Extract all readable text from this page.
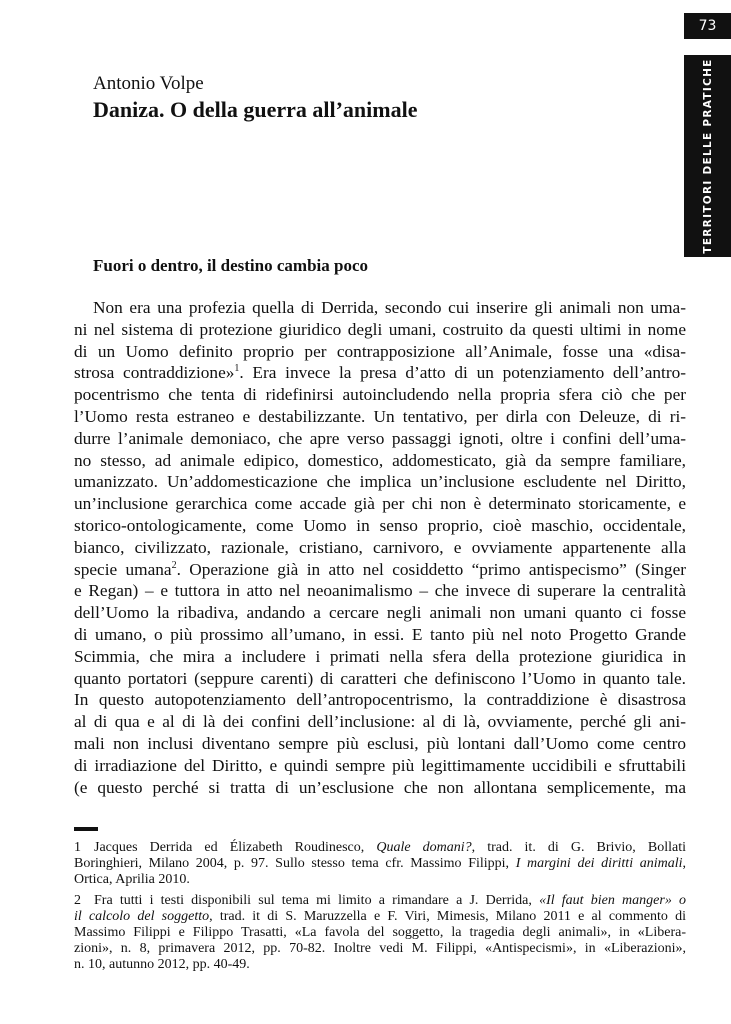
73
TERRITORI DELLE PRATICHE
Antonio Volpe
Daniza. O della guerra all’animale
Fuori o dentro, il destino cambia poco
Non era una profezia quella di Derrida, secondo cui inserire gli animali non uma-
ni nel sistema di protezione giuridico degli umani, costruito da questi ultimi in nome
di un Uomo definito proprio per contrapposizione all’Animale, fosse una «disa-
strosa contraddizione»$^1$. Era invece la presa d’atto di un potenziamento dell’antro-
pocentrismo che tenta di ridefinirsi autoincludendo nella propria sfera ciò che per
l’Uomo resta estraneo e destabilizzante. Un tentativo, per dirla con Deleuze, di ri-
durre l’animale demoniaco, che apre verso passaggi ignoti, oltre i confini dell’uma-
no stesso, ad animale edipico, domestico, addomesticato, già da sempre familiare,
umanizzato. Un’addomesticazione che implica un’inclusione escludente nel Diritto,
un’inclusione gerarchica come accade già per chi non è determinato storicamente, e
storico-ontologicamente, come Uomo in senso proprio, cioè maschio, occidentale,
bianco, civilizzato, razionale, cristiano, carnivoro, e ovviamente appartenente alla
specie umana$^2$. Operazione già in atto nel cosiddetto “primo antispecismo” (Singer
e Regan) – e tuttora in atto nel neoanimalismo – che invece di superare la centralità
dell’Uomo la ribadiva, andando a cercare negli animali non umani quanto ci fosse
di umano, o più prossimo all’umano, in essi. E tanto più nel noto Progetto Grande
Scimmia, che mira a includere i primati nella sfera della protezione giuridica in
quanto portatori (seppure carenti) di caratteri che definiscono l’Uomo in quanto tale.
In questo autopotenziamento dell’antropocentrismo, la contraddizione è disastrosa
al di qua e al di là dei confini dell’inclusione: al di là, ovviamente, perché gli ani-
mali non inclusi diventano sempre più esclusi, più lontani dall’Uomo come centro
di irradiazione del Diritto, e quindi sempre più legittimamente uccidibili e sfruttabili
(e questo perché si tratta di un’esclusione che non allontana semplicemente, ma
1 Jacques Derrida ed Élizabeth Roudinesco, Quale domani?, trad. it. di G. Brivio, Bollati
Boringhieri, Milano 2004, p. 97. Sullo stesso tema cfr. Massimo Filippi, I margini dei diritti animali,
Ortica, Aprilia 2010.
2 Fra tutti i testi disponibili sul tema mi limito a rimandare a J. Derrida, «Il faut bien manger» o
il calcolo del soggetto, trad. it di S. Maruzzella e F. Viri, Mimesis, Milano 2011 e al commento di
Massimo Filippi e Filippo Trasatti, «La favola del soggetto, la tragedia degli animali», in «Libera-
zioni», n. 8, primavera 2012, pp. 70-82. Inoltre vedi M. Filippi, «Antispecismi», in «Liberazioni»,
n. 10, autunno 2012, pp. 40-49.
